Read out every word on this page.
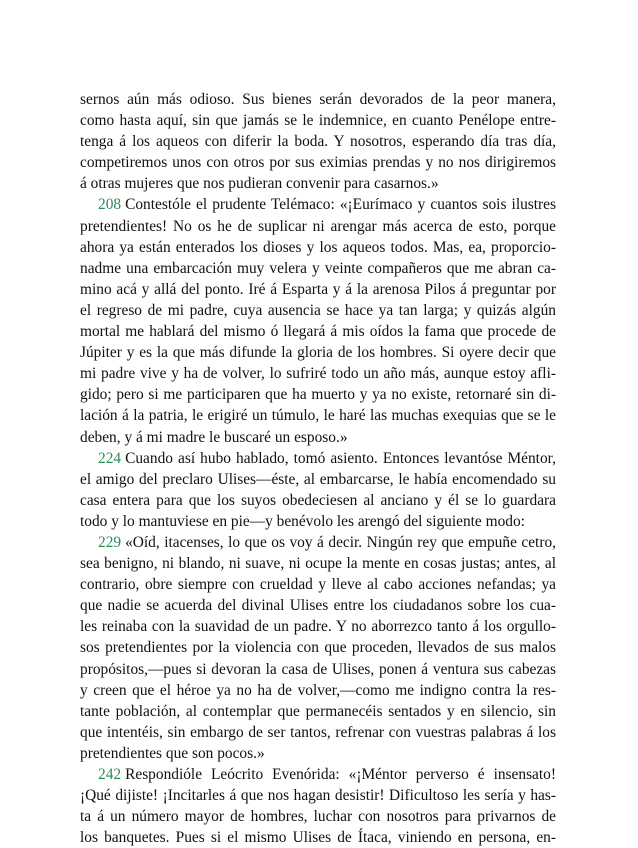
sernos aún más odioso. Sus bienes serán devorados de la peor manera,
como hasta aquí, sin que jamás se le indemnice, en cuanto Penélope entre-
tenga á los aqueos con diferir la boda. Y nosotros, esperando día tras día,
competiremos unos con otros por sus eximias prendas y no nos dirigiremos
á otras mujeres que nos pudieran convenir para casarnos.»
208 Contestóle el prudente Telémaco: «¡Eurímaco y cuantos sois ilustres
pretendientes! No os he de suplicar ni arengar más acerca de esto, porque
ahora ya están enterados los dioses y los aqueos todos. Mas, ea, proporcio-
nadme una embarcación muy velera y veinte compañeros que me abran ca-
mino acá y allá del ponto. Iré á Esparta y á la arenosa Pilos á preguntar por
el regreso de mi padre, cuya ausencia se hace ya tan larga; y quizás algún
mortal me hablará del mismo ó llegará á mis oídos la fama que procede de
Júpiter y es la que más difunde la gloria de los hombres. Si oyere decir que
mi padre vive y ha de volver, lo sufriré todo un año más, aunque estoy afli-
gido; pero si me participaren que ha muerto y ya no existe, retornaré sin di-
lación á la patria, le erigiré un túmulo, le haré las muchas exequias que se le
deben, y á mi madre le buscaré un esposo.»
224 Cuando así hubo hablado, tomó asiento. Entonces levantóse Méntor,
el amigo del preclaro Ulises—éste, al embarcarse, le había encomendado su
casa entera para que los suyos obedeciesen al anciano y él se lo guardara
todo y lo mantuviese en pie—y benévolo les arengó del siguiente modo:
229 «Oíd, itacenses, lo que os voy á decir. Ningún rey que empuñe cetro,
sea benigno, ni blando, ni suave, ni ocupe la mente en cosas justas; antes, al
contrario, obre siempre con crueldad y lleve al cabo acciones nefandas; ya
que nadie se acuerda del divinal Ulises entre los ciudadanos sobre los cua-
les reinaba con la suavidad de un padre. Y no aborrezco tanto á los orgullo-
sos pretendientes por la violencia con que proceden, llevados de sus malos
propósitos,—pues si devoran la casa de Ulises, ponen á ventura sus cabezas
y creen que el héroe ya no ha de volver,—como me indigno contra la res-
tante población, al contemplar que permanecéis sentados y en silencio, sin
que intentéis, sin embargo de ser tantos, refrenar con vuestras palabras á los
pretendientes que son pocos.»
242 Respondióle Leócrito Evenórida: «¡Méntor perverso é insensato!
¡Qué dijiste! ¡Incitarles á que nos hagan desistir! Dificultoso les sería y has-
ta á un número mayor de hombres, luchar con nosotros para privarnos de
los banquetes. Pues si el mismo Ulises de Ítaca, viniendo en persona, en-
